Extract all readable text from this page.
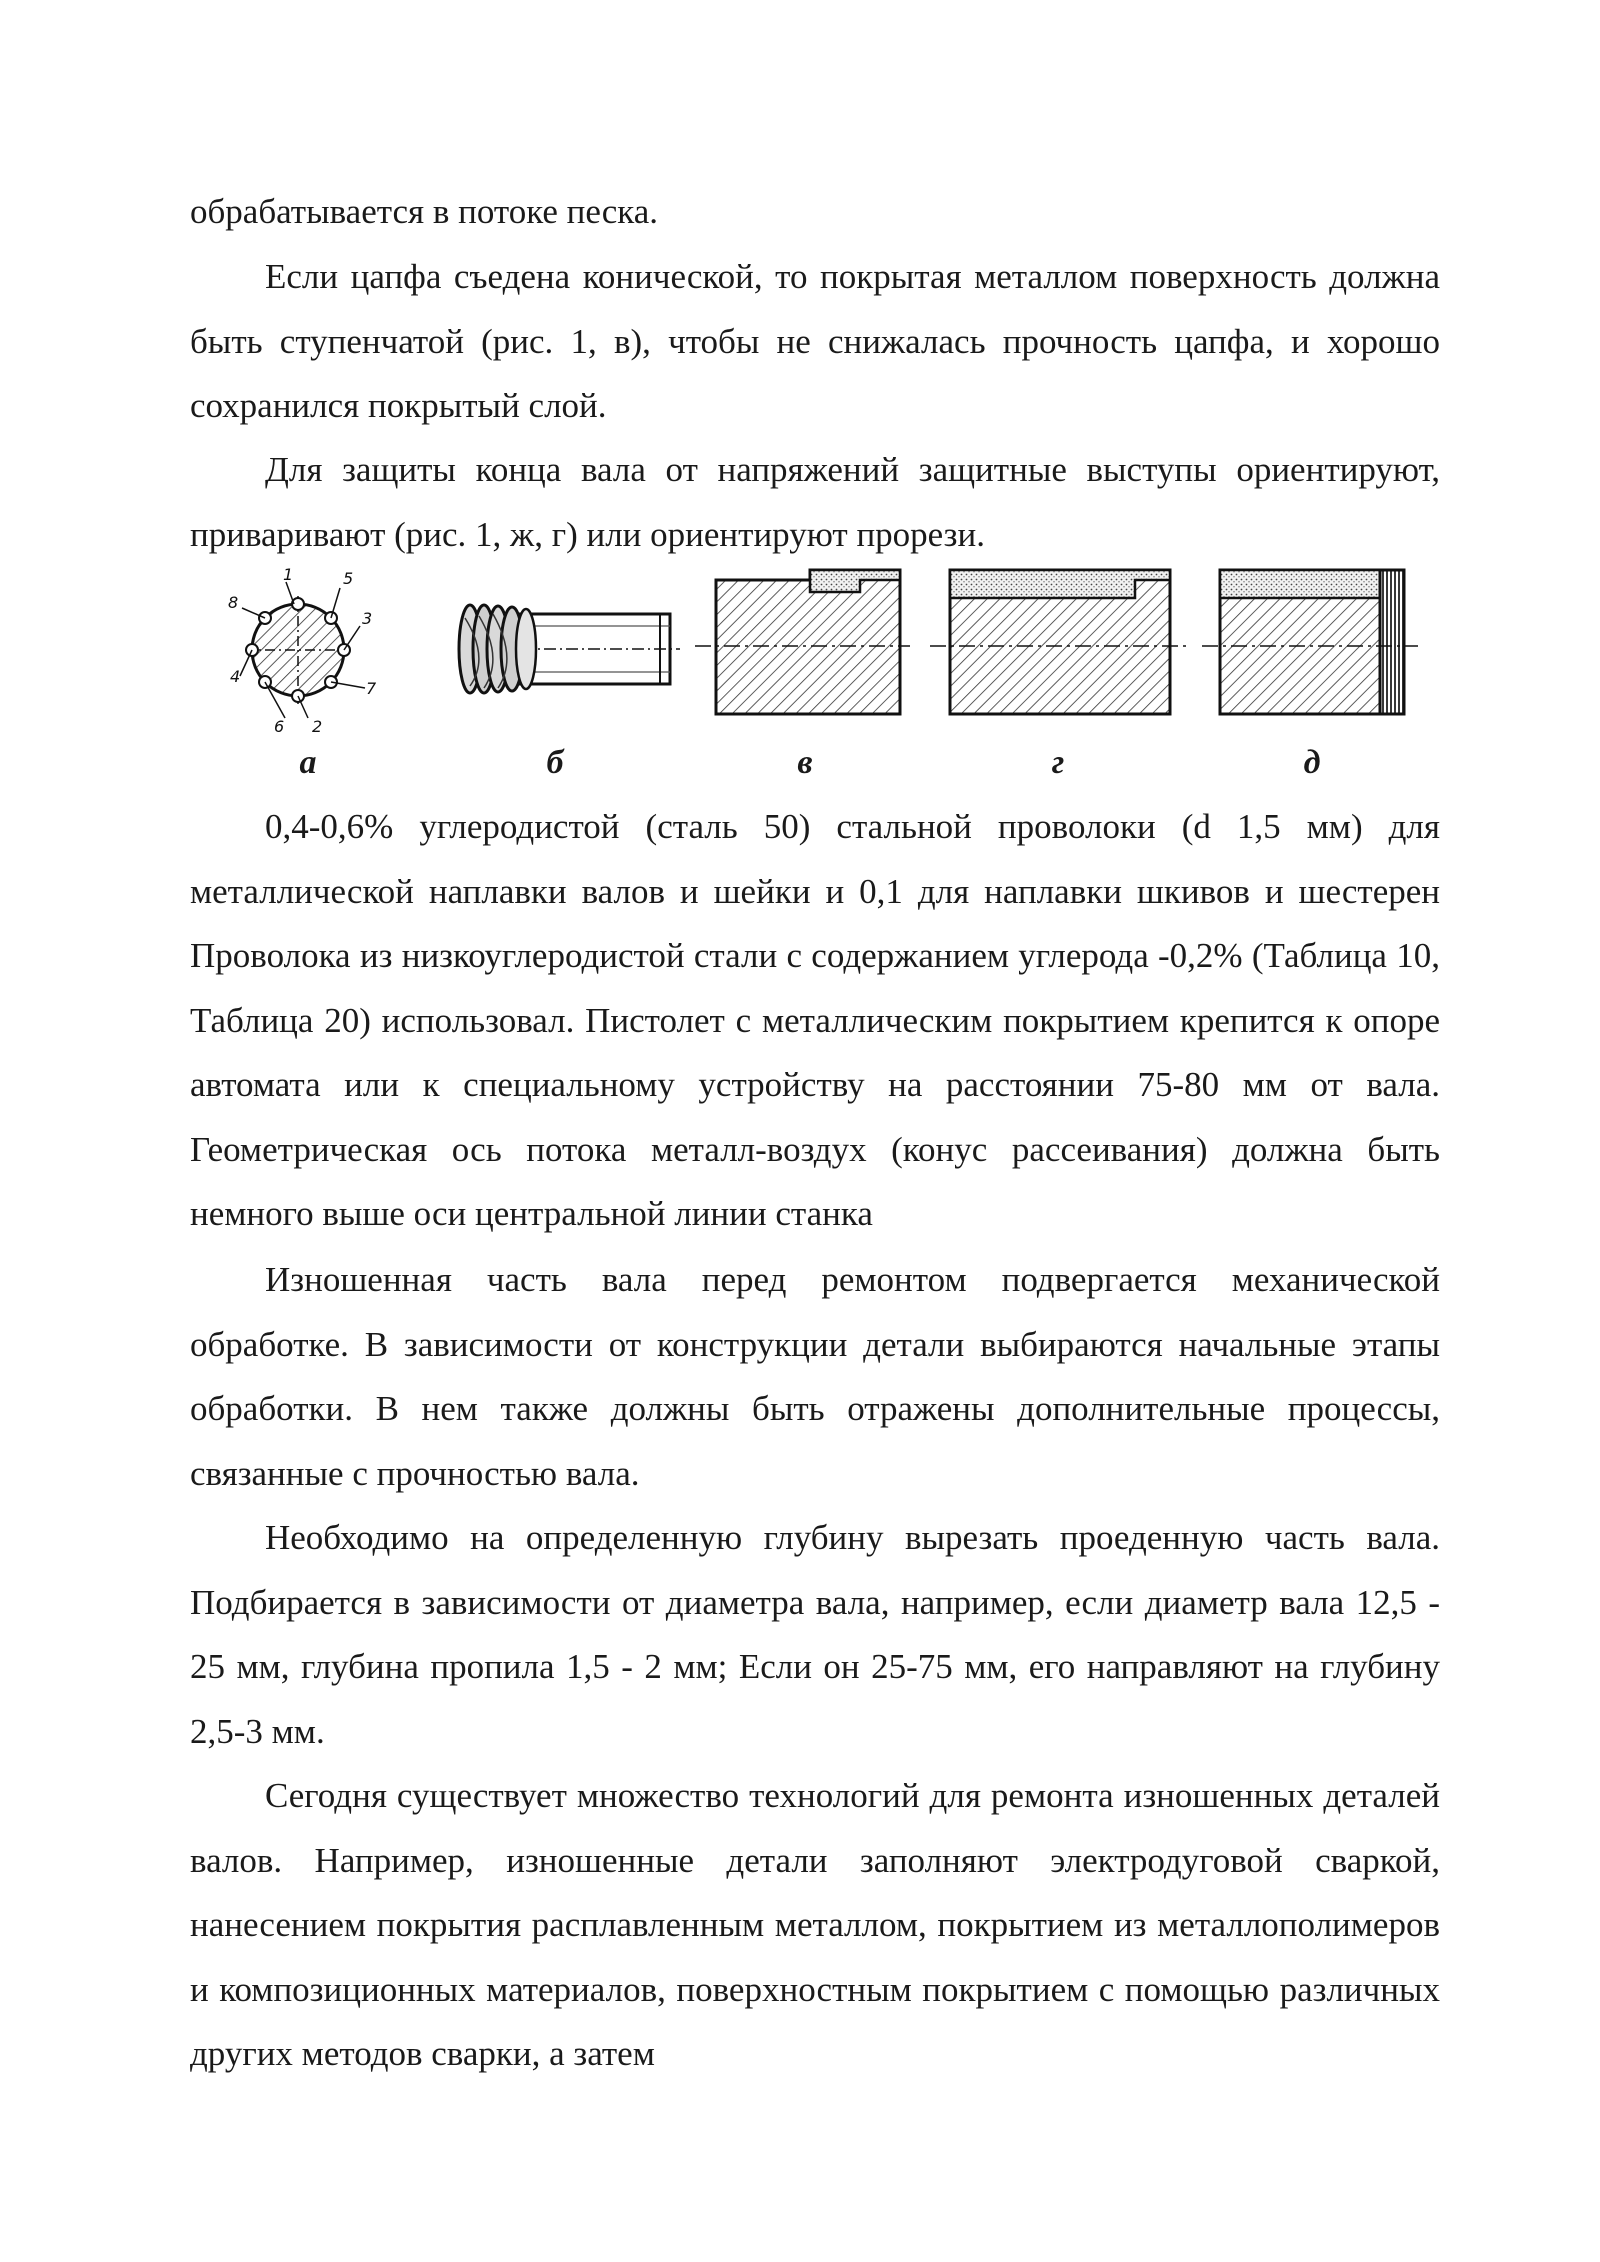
обрабатывается в потоке песка.

Если цапфа съедена конической, то покрытая металлом поверхность должна быть ступенчатой (рис. 1, в), чтобы не снижалась прочность цапфа, и хорошо сохранился покрытый слой.

Для защиты конца вала от напряжений защитные выступы ориентируют, приваривают (рис. 1, ж, г) или ориентируют прорези.

1	5
8
3
4
7
6 2
а	б	в	г	д

0,4-0,6% углеродистой (сталь 50) стальной проволоки (d 1,5 мм) для металлической наплавки валов и шейки и 0,1 для наплавки шкивов и шестерен Проволока из низкоуглеродистой стали с содержанием углерода -0,2% (Таблица 10, Таблица 20) использовал. Пистолет с металлическим покрытием крепится к опоре автомата или к специальному устройству на расстоянии 75-80 мм от вала. Геометрическая ось потока металл-воздух (конус рассеивания) должна быть немного выше оси центральной линии станка

Изношенная часть вала перед ремонтом подвергается механической обработке. В зависимости от конструкции детали выбираются начальные этапы обработки. В нем также должны быть отражены дополнительные процессы, связанные с прочностью вала.

Необходимо на определенную глубину вырезать проеденную часть вала. Подбирается в зависимости от диаметра вала, например, если диаметр вала 12,5 - 25 мм, глубина пропила 1,5 - 2 мм; Если он 25-75 мм, его направляют на глубину 2,5-3 мм.

Сегодня существует множество технологий для ремонта изношенных деталей валов. Например, изношенные детали заполняют электродуговой сваркой, нанесением покрытия расплавленным металлом, покрытием из металлополимеров и композиционных материалов, поверхностным покрытием с помощью различных других методов сварки, а затем
